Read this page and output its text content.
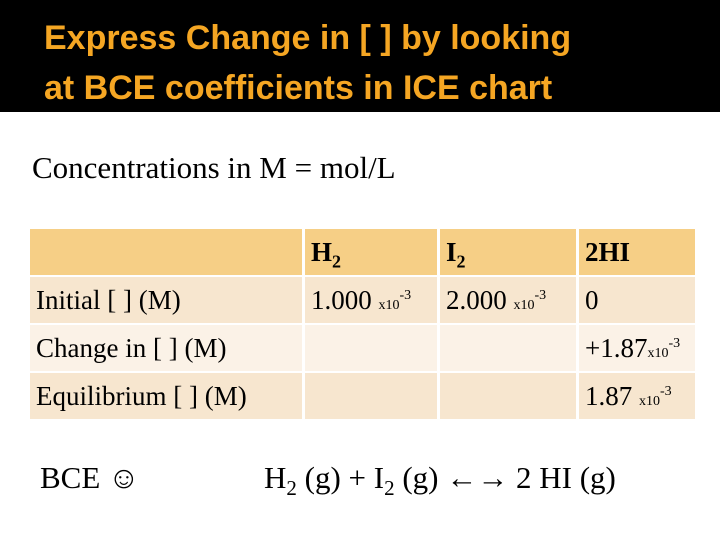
Express Change in [ ] by looking
at BCE coefficients in ICE chart
Concentrations in M = mol/L
	$H_2$	$I_2$	2HI
Initial [ ] (M)	1.000 $x10^{-3}$	2.000 $x10^{-3}$	0
Change in [ ] (M)			$+1.87x10^{-3}$
Equilibrium [ ] (M)			1.87 $x10^{-3}$
BCE ☺	$H_2$ $(g) + I_2$ (g) ←→ 2 HI (g)
